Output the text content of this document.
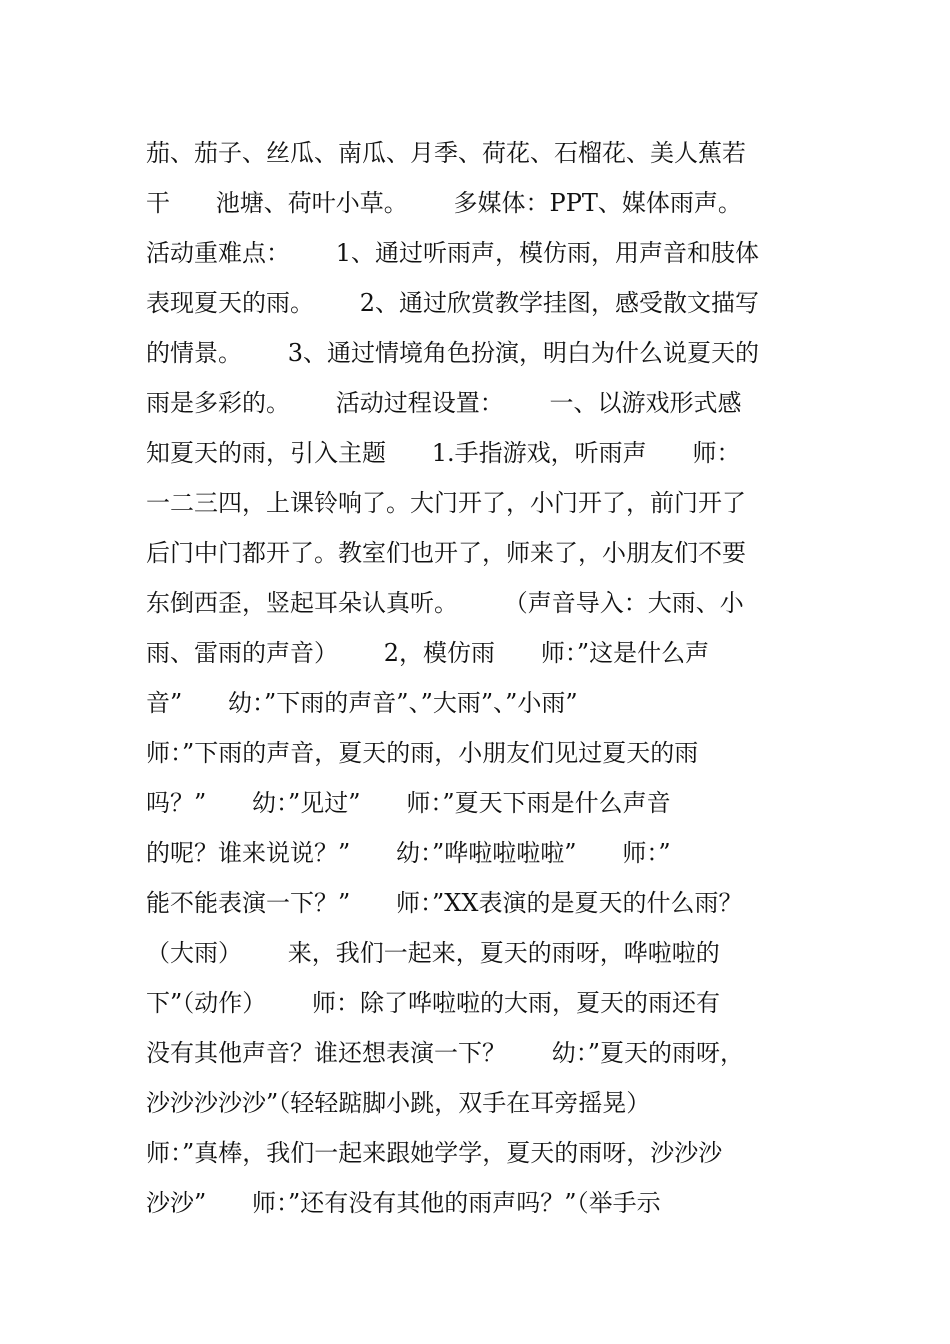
茄、茄子、丝瓜、南瓜、月季、荷花、石榴花、美人蕉若
干      池塘、荷叶小草。      多媒体：PPT、媒体雨声。
活动重难点：      1、通过听雨声，模仿雨，用声音和肢体
表现夏天的雨。      2、通过欣赏教学挂图，感受散文描写
的情景。      3、通过情境角色扮演，明白为什么说夏天的
雨是多彩的。      活动过程设置：      一、以游戏形式感
知夏天的雨，引入主题      1.手指游戏，听雨声      师：
一二三四，上课铃响了。大门开了，小门开了，前门开了
后门中门都开了。教室们也开了，师来了，小朋友们不要
东倒西歪，竖起耳朵认真听。      （声音导入：大雨、小
雨、雷雨的声音）      2，模仿雨      师：”这是什么声
音”      幼：”下雨的声音”、”大雨”、”小雨”
师：”下雨的声音，夏天的雨，小朋友们见过夏天的雨
吗？”      幼：”见过”      师：”夏天下雨是什么声音
的呢？谁来说说？”      幼：”哗啦啦啦啦”      师：”
能不能表演一下？”      师：”XX表演的是夏天的什么雨？
（大雨）      来，我们一起来，夏天的雨呀，哗啦啦的
下”（动作）      师：除了哗啦啦的大雨，夏天的雨还有
没有其他声音？谁还想表演一下？      幼：”夏天的雨呀，
沙沙沙沙沙”（轻轻踮脚小跳，双手在耳旁摇晃）
师：”真棒，我们一起来跟她学学，夏天的雨呀，沙沙沙
沙沙”      师：”还有没有其他的雨声吗？”（举手示
